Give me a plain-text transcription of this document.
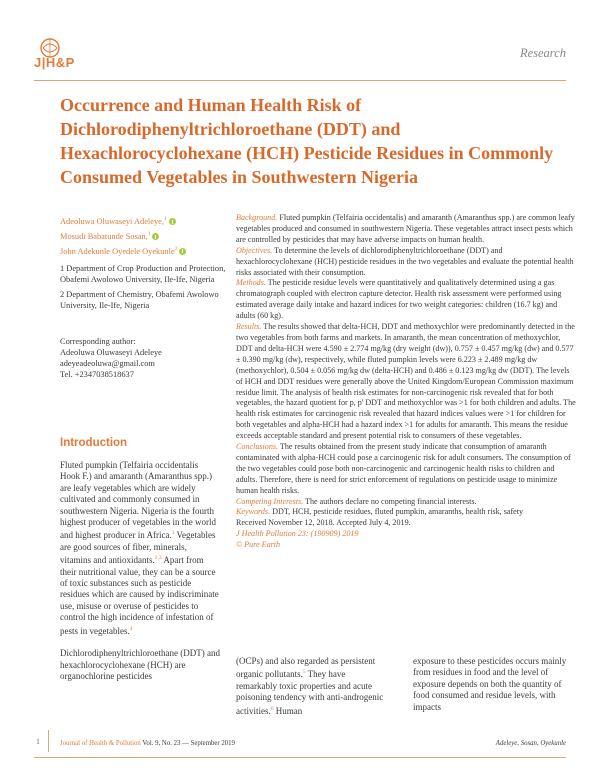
J|H&P
Research
Occurrence and Human Health Risk of Dichlorodiphenyltrichloroethane (DDT) and Hexachlorocyclohexane (HCH) Pesticide Residues in Commonly Consumed Vegetables in Southwestern Nigeria
Adeoluwa Oluwaseyi Adeleye,$^1$
Mosudi Babatunde Sosan,$^1$
John Adekunle Oyedele Oyekunle$^2$

1 Department of Crop Production and Protection, Obafemi Awolowo University, Ile-Ife, Nigeria

2 Department of Chemistry, Obafemi Awolowo University, Ile-Ife, Nigeria

Corresponding author:
Adeoluwa Oluwaseyi Adeleye
adeyeadeoluwa@gmail.com
Tel. +2347038518637

Background. Fluted pumpkin (Telfairia occidentalis) and amaranth (Amaranthus spp.) are common leafy vegetables produced and consumed in southwestern Nigeria. These vegetables attract insect pests which are controlled by pesticides that may have adverse impacts on human health.

Objectives. To determine the levels of dichlorodiphenyltrichloroethane (DDT) and hexachlorocyclohexane (HCH) pesticide residues in the two vegetables and evaluate the potential health risks associated with their consumption.

Methods. The pesticide residue levels were quantitatively and qualitatively determined using a gas chromatograph coupled with electron capture detector. Health risk assessment were performed using estimated average daily intake and hazard indices for two weight categories: children (16.7 kg) and adults (60 kg).

Results. The results showed that delta-HCH, DDT and methoxychlor were predominantly detected in the two vegetables from both farms and markets. In amaranth, the mean concentration of methoxychlor, DDT and delta-HCH were 4.590 ± 2.774 mg/kg (dry weight (dw)), 0.757 ± 0.457 mg/kg (dw) and 0.577 ± 0.390 mg/kg (dw), respectively, while fluted pumpkin levels were 6.223 ± 2.489 mg/kg dw (methoxychlor), 0.504 ± 0.056 mg/kg dw (delta-HCH) and 0.486 ± 0.123 mg/kg dw (DDT). The levels of HCH and DDT residues were generally above the United Kingdom/European Commission maximum residue limit. The analysis of health risk estimates for non-carcinogenic risk revealed that for both vegetables, the hazard quotient for p, p' DDT and methoxychlor was >1 for both children and adults. The health risk estimates for carcinogenic risk revealed that hazard indices values were >1 for children for both vegetables and alpha-HCH had a hazard index >1 for adults for amaranth. This means the residue exceeds acceptable standard and present potential risk to consumers of these vegetables.

Conclusions. The results obtained from the present study indicate that consumption of amaranth contaminated with alpha-HCH could pose a carcinogenic risk for adult consumers. The consumption of the two vegetables could pose both non-carcinogenic and carcinogenic health risks to children and adults. Therefore, there is need for strict enforcement of regulations on pesticide usage to minimize human health risks.

Competing Interests. The authors declare no competing financial interests.

Keywords. DDT, HCH, pesticide residues, fluted pumpkin, amaranths, health risk, safety

Received November 12, 2018. Accepted July 4, 2019.

J Health Pollution 23: (190909) 2019

© Pure Earth

Introduction

Fluted pumpkin (Telfairia occidentalis Hook F.) and amaranth (Amaranthus spp.) are leafy vegetables which are widely cultivated and commonly consumed in southwestern Nigeria. Nigeria is the fourth highest producer of vegetables in the world and highest producer in Africa.$^1$ Vegetables are good sources of fiber, minerals, vitamins and antioxidants.$^{2,3}$ Apart from their nutritional value, they can be a source of toxic substances such as pesticide residues which are caused by indiscriminate use, misuse or overuse of pesticides to control the high incidence of infestation of pests in vegetables.$^4$

Dichlorodiphenyltrichloroethane (DDT) and hexachlorocyclohexane (HCH) are organochlorine pesticides

(OCPs) and also regarded as persistent organic pollutants.$^5$ They have remarkably toxic properties and acute poisoning tendency with anti-androgenic activities.$^6$ Human

exposure to these pesticides occurs mainly from residues in food and the level of exposure depends on both the quantity of food consumed and residue levels, with impacts

1	Journal of Health & Pollution Vol. 9, No. 23 — September 2019	Adeleye, Sosan, Oyekunle
